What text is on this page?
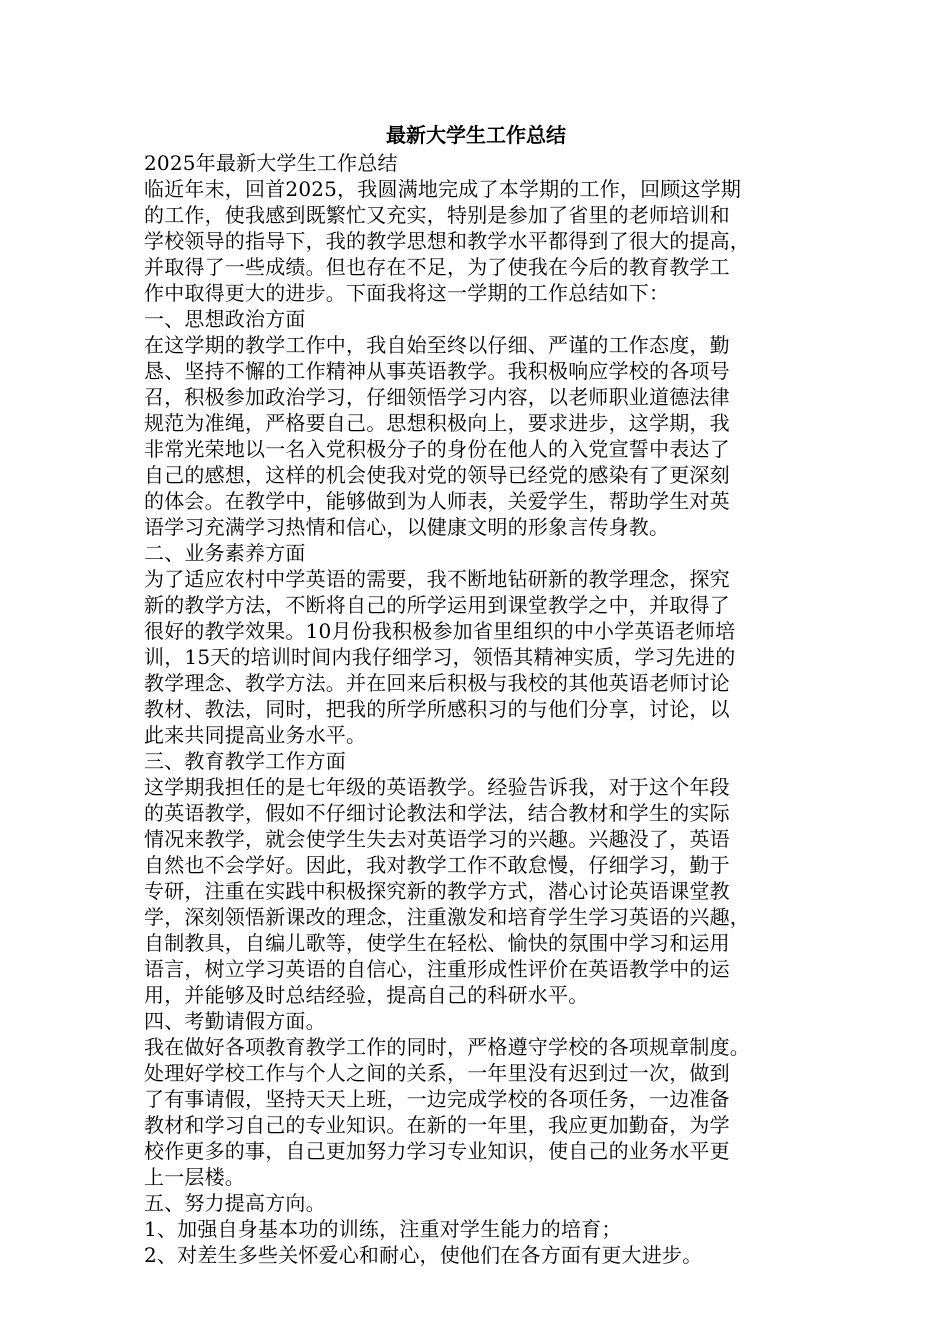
最新大学生工作总结
2025年最新大学生工作总结
临近年末，回首2025，我圆满地完成了本学期的工作，回顾这学期
的工作，使我感到既繁忙又充实，特别是参加了省里的老师培训和
学校领导的指导下，我的教学思想和教学水平都得到了很大的提高，
并取得了一些成绩。但也存在不足，为了使我在今后的教育教学工
作中取得更大的进步。下面我将这一学期的工作总结如下：
一、思想政治方面
在这学期的教学工作中，我自始至终以仔细、严谨的工作态度，勤
恳、坚持不懈的工作精神从事英语教学。我积极响应学校的各项号
召，积极参加政治学习，仔细领悟学习内容，以老师职业道德法律
规范为准绳，严格要自己。思想积极向上，要求进步，这学期，我
非常光荣地以一名入党积极分子的身份在他人的入党宣誓中表达了
自己的感想，这样的机会使我对党的领导已经党的感染有了更深刻
的体会。在教学中，能够做到为人师表，关爱学生，帮助学生对英
语学习充满学习热情和信心，以健康文明的形象言传身教。
二、业务素养方面
为了适应农村中学英语的需要，我不断地钻研新的教学理念，探究
新的教学方法，不断将自己的所学运用到课堂教学之中，并取得了
很好的教学效果。10月份我积极参加省里组织的中小学英语老师培
训，15天的培训时间内我仔细学习，领悟其精神实质，学习先进的
教学理念、教学方法。并在回来后积极与我校的其他英语老师讨论
教材、教法，同时，把我的所学所感积习的与他们分享，讨论，以
此来共同提高业务水平。
三、教育教学工作方面
这学期我担任的是七年级的英语教学。经验告诉我，对于这个年段
的英语教学，假如不仔细讨论教法和学法，结合教材和学生的实际
情况来教学，就会使学生失去对英语学习的兴趣。兴趣没了，英语
自然也不会学好。因此，我对教学工作不敢怠慢，仔细学习，勤于
专研，注重在实践中积极探究新的教学方式，潜心讨论英语课堂教
学，深刻领悟新课改的理念，注重激发和培育学生学习英语的兴趣，
自制教具，自编儿歌等，使学生在轻松、愉快的氛围中学习和运用
语言，树立学习英语的自信心，注重形成性评价在英语教学中的运
用，并能够及时总结经验，提高自己的科研水平。
四、考勤请假方面。
我在做好各项教育教学工作的同时，严格遵守学校的各项规章制度。
处理好学校工作与个人之间的关系，一年里没有迟到过一次，做到
了有事请假，坚持天天上班，一边完成学校的各项任务，一边准备
教材和学习自己的专业知识。在新的一年里，我应更加勤奋，为学
校作更多的事，自己更加努力学习专业知识，使自己的业务水平更
上一层楼。
五、努力提高方向。
1、加强自身基本功的训练，注重对学生能力的培育；
2、对差生多些关怀爱心和耐心，使他们在各方面有更大进步。
